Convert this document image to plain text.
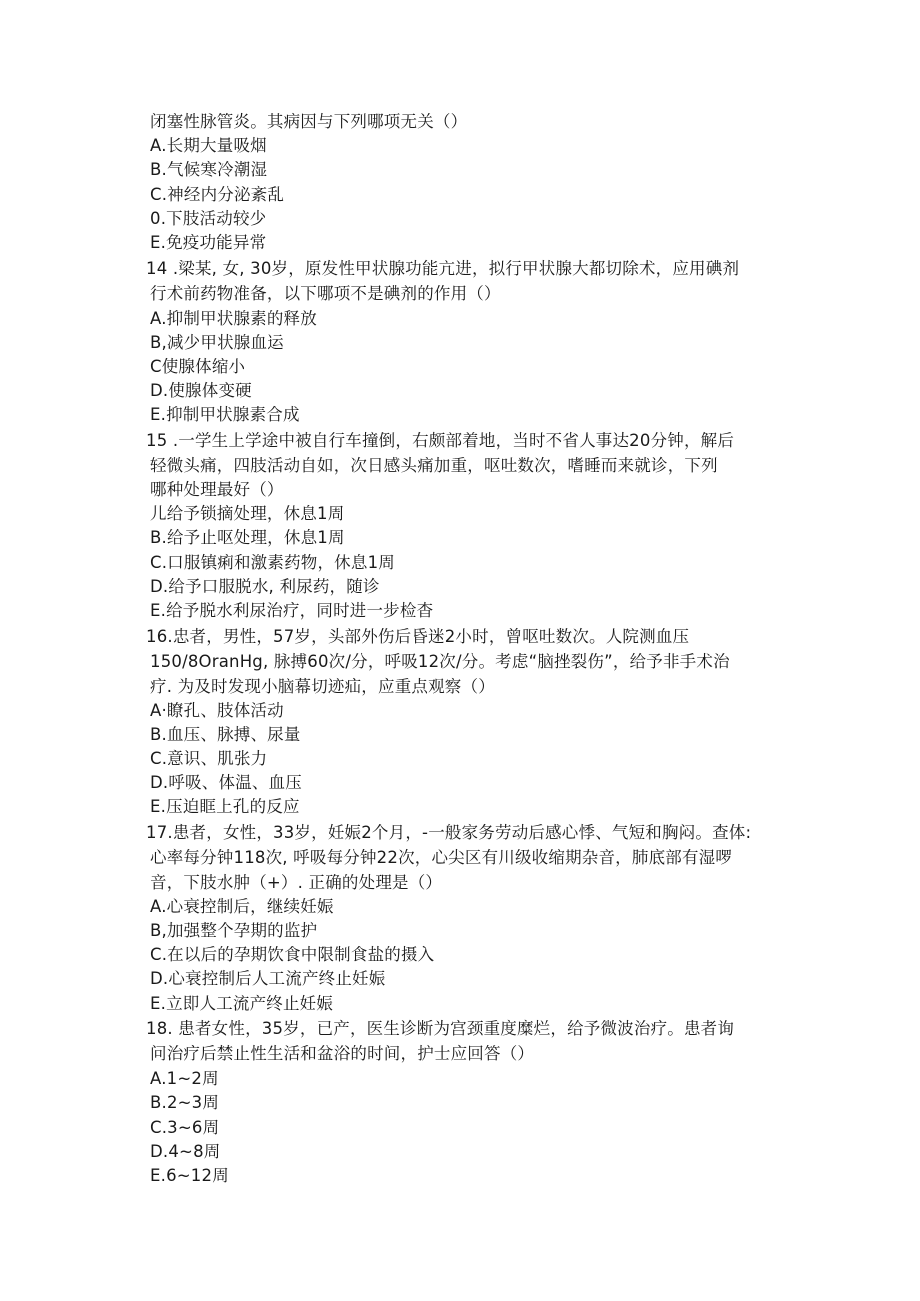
闭塞性脉管炎。其病因与下列哪项无关（）
A.长期大量吸烟
B.气候寒冷潮湿
C.神经内分泌紊乱
0.下肢活动较少
E.免疫功能异常
14 .梁某, 女, 30岁，原发性甲状腺功能亢进，拟行甲状腺大都切除术，应用碘剂
行术前药物准备，以下哪项不是碘剂的作用（）
A.抑制甲状腺素的释放
B,减少甲状腺血运
C使腺体缩小
D.使腺体变硬
E.抑制甲状腺素合成
15 .一学生上学途中被自行车撞倒，右颇部着地，当时不省人事达20分钟，解后
轻微头痛，四肢活动自如，次日感头痛加重，呕吐数次，嗜睡而来就诊，下列
哪种处理最好（）
儿给予锁摘处理，休息1周
B.给予止呕处理，休息1周
C.口服镇痢和激素药物，休息1周
D.给予口服脱水, 利尿药，随诊
E.给予脱水利尿治疗，同时进一步检杳
16.忠者，男性，57岁，头部外伤后昏迷2小时，曾呕吐数次。人院测血压
150/8OranHg, 脉搏60次/分，呼吸12次/分。考虑“脑挫裂伤”，给予非手术治
疗. 为及时发现小脑幕切迹疝，应重点观察（）
A·瞭孔、肢体活动
B.血压、脉搏、尿量
C.意识、肌张力
D.呼吸、体温、血压
E.压迫眶上孔的反应
17.患者，女性，33岁，妊娠2个月，-一般家务劳动后感心悸、气短和胸闷。查体:
心率每分钟118次, 呼吸每分钟22次，心尖区有川级收缩期杂音，肺底部有湿啰
音，下肢水肿（+）. 正确的处理是（）
A.心衰控制后，继续妊娠
B,加强整个孕期的监护
C.在以后的孕期饮食中限制食盐的摄入
D.心衰控制后人工流产终止妊娠
E.立即人工流产终止妊娠
18. 患者女性，35岁，已产，医生诊断为宫颈重度糜烂，给予微波治疗。患者询
问治疗后禁止性生活和盆浴的时间，护士应回答（）
A.1~2周
B.2~3周
C.3~6周
D.4~8周
E.6~12周
